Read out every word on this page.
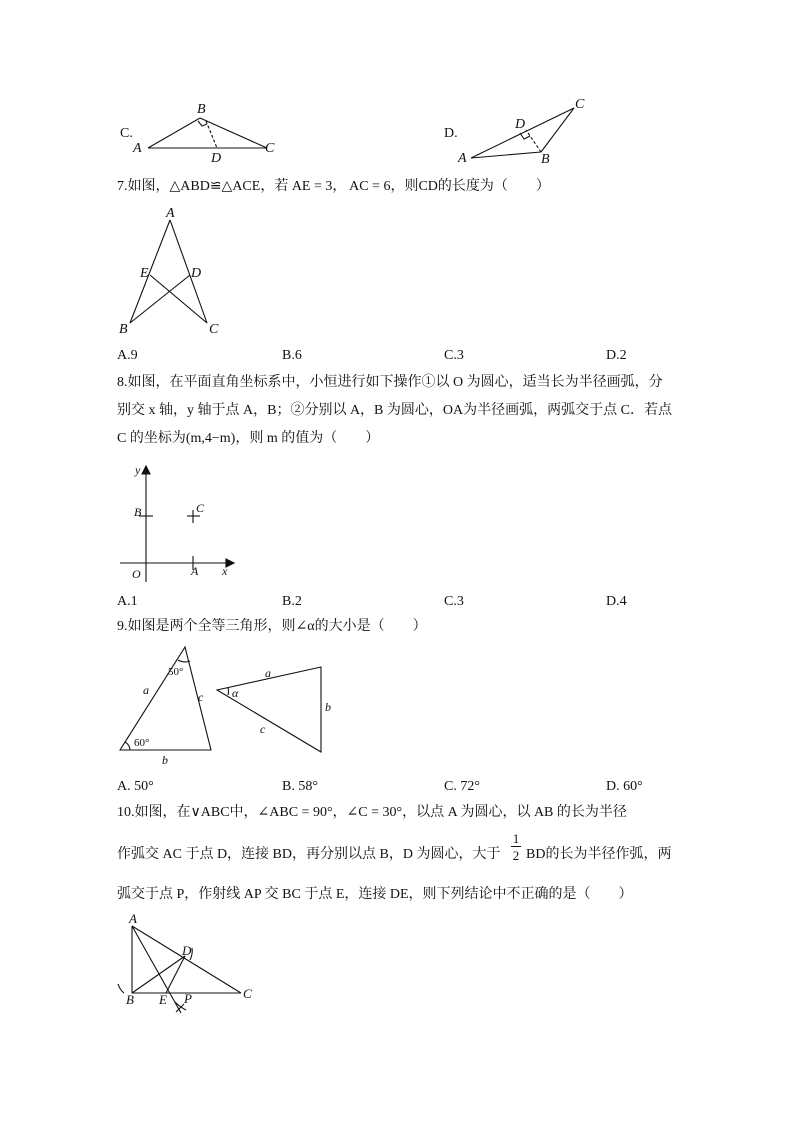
C.
A
B
C
D
D.
A	B
C
D
7.如图，△ABD≌△ACE，若 AE = 3， AC = 6，则CD的长度为（　　）
A
B	C
D
E
A.9	B.6	C.3	D.2
8.如图，在平面直角坐标系中，小恒进行如下操作①以 O 为圆心，适当长为半径画弧，分
别交 x 轴，y 轴于点 A，B；②分别以 A，B 为圆心，OA为半径画弧，两弧交于点 C．若点
C 的坐标为(m,4−m)，则 m 的值为（　　）
y
x
O	A
B	C
A.1	B.2	C.3	D.4
9.如图是两个全等三角形，则∠α的大小是（　　）
a	c
b
50°
60°
a
b
c
α
A. 50°	B. 58°	C. 72°	D. 60°
10.如图，在∨ABC中，∠ABC = 90°，∠C = 30°，以点 A 为圆心，以 AB 的长为半径
作弧交 AC 于点 D，连接 BD，再分别以点 B，D 为圆心，大于 $\frac{1}{2}$ BD的长为半径作弧，两
弧交于点 P，作射线 AP 交 BC 于点 E，连接 DE，则下列结论中不正确的是（　　）
A
B	C
D
E P
